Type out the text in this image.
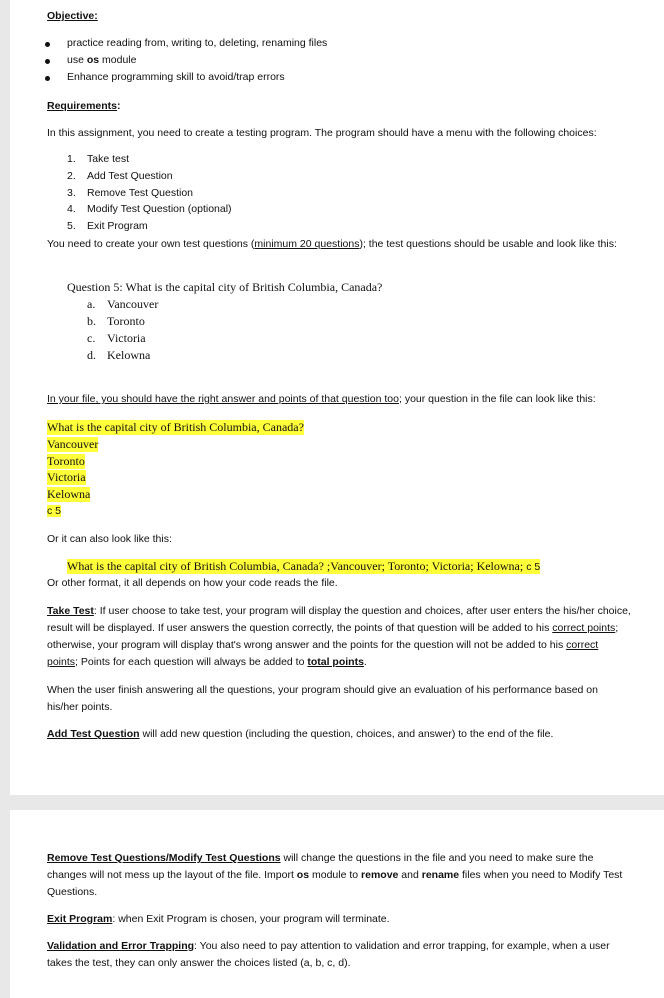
Objective:
practice reading from, writing to, deleting, renaming files
use os module
Enhance programming skill to avoid/trap errors
Requirements:
In this assignment, you need to create a testing program. The program should have a menu with the following choices:
1. Take test
2. Add Test Question
3. Remove Test Question
4. Modify Test Question (optional)
5. Exit Program
You need to create your own test questions (minimum 20 questions); the test questions should be usable and look like this:
Question 5: What is the capital city of British Columbia, Canada?
a. Vancouver
b. Toronto
c. Victoria
d. Kelowna
In your file, you should have the right answer and points of that question too; your question in the file can look like this:
What is the capital city of British Columbia, Canada?
Vancouver
Toronto
Victoria
Kelowna
c 5
Or it can also look like this:
What is the capital city of British Columbia, Canada? ;Vancouver; Toronto; Victoria; Kelowna; c 5
Or other format, it all depends on how your code reads the file.
Take Test: If user choose to take test, your program will display the question and choices, after user enters the his/her choice, result will be displayed. If user answers the question correctly, the points of that question will be added to his correct points; otherwise, your program will display that's wrong answer and the points for the question will not be added to his correct points; Points for each question will always be added to total points.
When the user finish answering all the questions, your program should give an evaluation of his performance based on his/her points.
Add Test Question will add new question (including the question, choices, and answer) to the end of the file.
Remove Test Questions/Modify Test Questions will change the questions in the file and you need to make sure the changes will not mess up the layout of the file. Import os module to remove and rename files when you need to Modify Test Questions.
Exit Program: when Exit Program is chosen, your program will terminate.
Validation and Error Trapping: You also need to pay attention to validation and error trapping, for example, when a user takes the test, they can only answer the choices listed (a, b, c, d).
